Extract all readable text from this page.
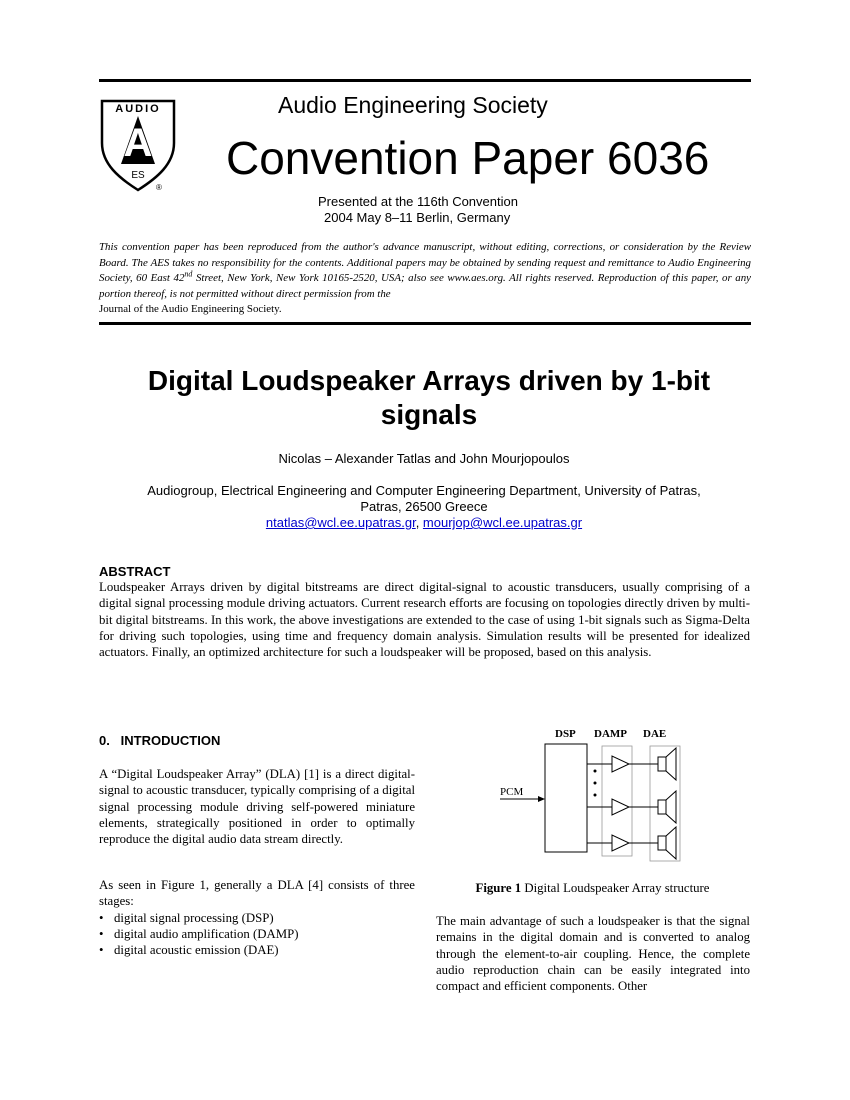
AUDIO
A
ES
®
Audio Engineering Society
Convention Paper 6036
Presented at the 116th Convention
2004 May 8–11 Berlin, Germany
This convention paper has been reproduced from the author's advance manuscript, without editing, corrections, or consideration by the Review Board. The AES takes no responsibility for the contents. Additional papers may be obtained by sending request and remittance to Audio Engineering Society, 60 East 42nd Street, New York, New York 10165-2520, USA; also see www.aes.org. All rights reserved. Reproduction of this paper, or any portion thereof, is not permitted without direct permission from the
Journal of the Audio Engineering Society.
Digital Loudspeaker Arrays driven by 1-bit
signals
Nicolas – Alexander Tatlas and John Mourjopoulos
Audiogroup, Electrical Engineering and Computer Engineering Department, University of Patras,
Patras, 26500 Greece
ntatlas@wcl.ee.upatras.gr, mourjop@wcl.ee.upatras.gr
ABSTRACT
Loudspeaker Arrays driven by digital bitstreams are direct digital-signal to acoustic transducers, usually comprising of a digital signal processing module driving actuators. Current research efforts are focusing on topologies directly driven by multi-bit digital bitstreams. In this work, the above investigations are extended to the case of using 1-bit signals such as Sigma-Delta for driving such topologies, using time and frequency domain analysis. Simulation results will be presented for idealized actuators. Finally, an optimized architecture for such a loudspeaker will be proposed, based on this analysis.
0.   INTRODUCTION
A “Digital Loudspeaker Array” (DLA) [1] is a direct digital-signal to acoustic transducer, typically comprising of a digital signal processing module driving self-powered miniature elements, strategically positioned in order to optimally reproduce the digital audio data stream directly.
As seen in Figure 1, generally a DLA [4] consists of three stages:
• digital signal processing (DSP)
• digital audio amplification (DAMP)
• digital acoustic emission (DAE)
DSP DAMP DAE
PCM
Figure 1 Digital Loudspeaker Array structure
The main advantage of such a loudspeaker is that the signal remains in the digital domain and is converted to analog through the element-to-air coupling. Hence, the complete audio reproduction chain can be easily integrated into compact and efficient components. Other
